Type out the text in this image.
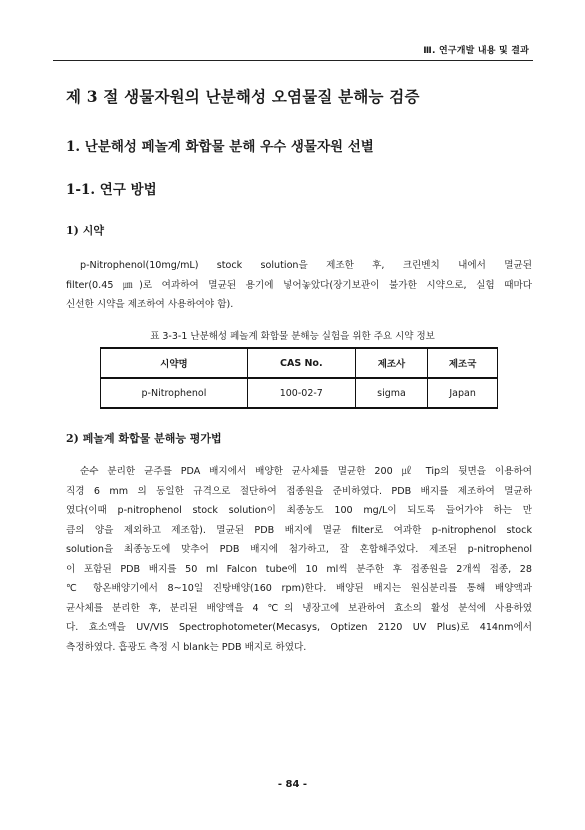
Ⅲ. 연구개발 내용 및 결과
제 3 절 생물자원의 난분해성 오염물질 분해능 검증
1. 난분해성 페놀계 화합물 분해 우수 생물자원 선별
1-1. 연구 방법
1) 시약
p-Nitrophenol(10mg/mL) stock solution을 제조한 후, 크린벤치 내에서 멸균된
filter(0.45 ㎛)로 여과하여 멸균된 용기에 넣어놓았다(장기보관이 불가한 시약으로, 실험 때마다
신선한 시약을 제조하여 사용하여야 함).
표 3-3-1 난분해성 페놀계 화합물 분해능 실험을 위한 주요 시약 정보
시약명	CAS No.	제조사	제조국
p-Nitrophenol	100-02-7	sigma	Japan
2) 페놀계 화합물 분해능 평가법
순수 분리한 균주를 PDA 배지에서 배양한 균사체를 멸균한 200 ㎕ Tip의 뒷면을 이용하여
직경 6 mm 의 동일한 규격으로 절단하여 접종원을 준비하였다. PDB 배지를 제조하여 멸균하
였다(이때 p-nitrophenol stock solution이 최종농도 100 mg/L이 되도록 들어가야 하는 만
큼의 양을 제외하고 제조함). 멸균된 PDB 배지에 멸균 filter로 여과한 p-nitrophenol stock
solution을 최종농도에 맞추어 PDB 배지에 첨가하고, 잘 혼합해주었다. 제조된 p-nitrophenol
이 포함된 PDB 배지를 50 ml Falcon tube에 10 ml씩 분주한 후 접종원을 2개씩 접종, 28
℃ 항온배양기에서 8~10일 진탕배양(160 rpm)한다. 배양된 배지는 원심분리를 통해 배양액과
균사체를 분리한 후, 분리된 배양액을 4 ℃의 냉장고에 보관하여 효소의 활성 분석에 사용하였
다. 효소액을 UV/VIS Spectrophotometer(Mecasys, Optizen 2120 UV Plus)로 414nm에서
측정하였다. 흡광도 측정 시 blank는 PDB 배지로 하였다.
- 84 -
